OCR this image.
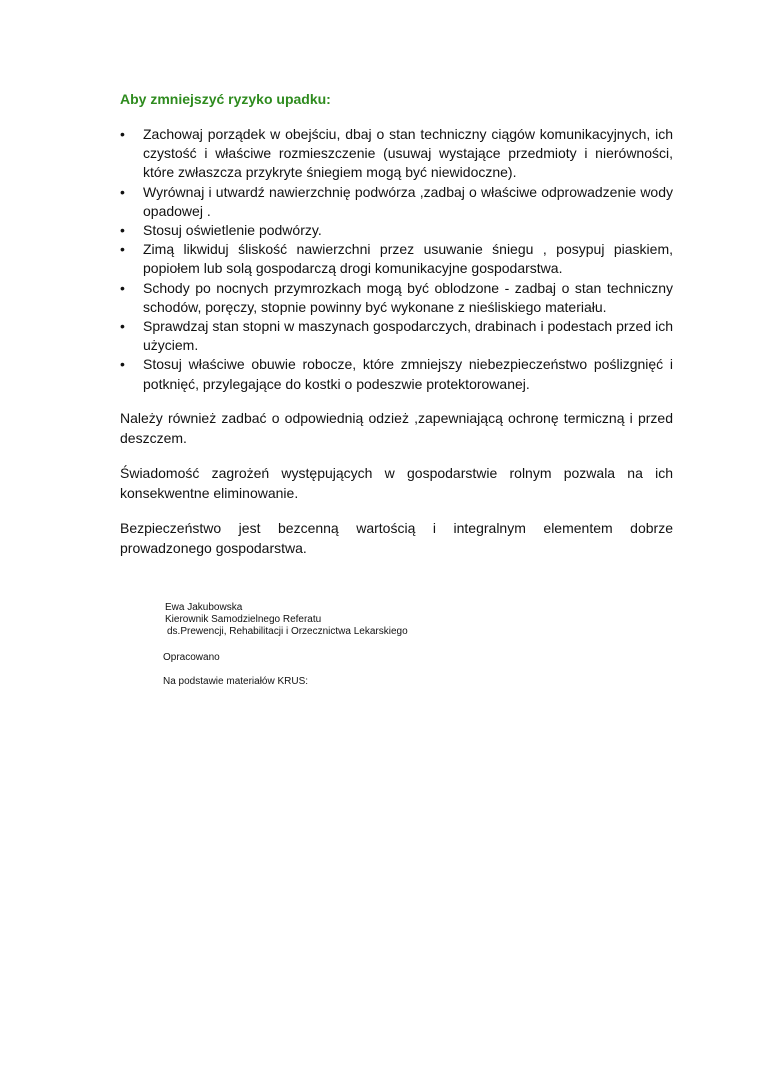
Aby zmniejszyć ryzyko upadku:
• Zachowaj porządek w obejściu, dbaj o stan techniczny ciągów komunikacyjnych, ich czystość i właściwe rozmieszczenie (usuwaj wystające przedmioty i nierówności, które zwłaszcza przykryte śniegiem mogą być niewidoczne).
• Wyrównaj i utwardź nawierzchnię podwórza ,zadbaj o właściwe odprowadzenie wody opadowej .
• Stosuj oświetlenie podwórzy.
• Zimą likwiduj śliskość nawierzchni przez usuwanie śniegu , posypuj piaskiem, popiołem lub solą gospodarczą drogi komunikacyjne gospodarstwa.
• Schody po nocnych przymrozkach mogą być oblodzone - zadbaj o stan techniczny schodów, poręczy, stopnie powinny być wykonane z nieśliskiego materiału.
• Sprawdzaj stan stopni w maszynach gospodarczych, drabinach i podestach przed ich użyciem.
• Stosuj właściwe obuwie robocze, które zmniejszy niebezpieczeństwo poślizgnięć i potknięć, przylegające do kostki o podeszwie protektorowanej.

Należy również zadbać o odpowiednią odzież ,zapewniającą ochronę termiczną i przed deszczem.

Świadomość zagrożeń występujących w gospodarstwie rolnym pozwala na ich konsekwentne eliminowanie.

Bezpieczeństwo jest bezcenną wartością i integralnym elementem dobrze
prowadzonego gospodarstwa.

Ewa Jakubowska

Kierownik Samodzielnego Referatu

ds.Prewencji, Rehabilitacji i Orzecznictwa Lekarskiego

Opracowano

Na podstawie materiałów KRUS:
